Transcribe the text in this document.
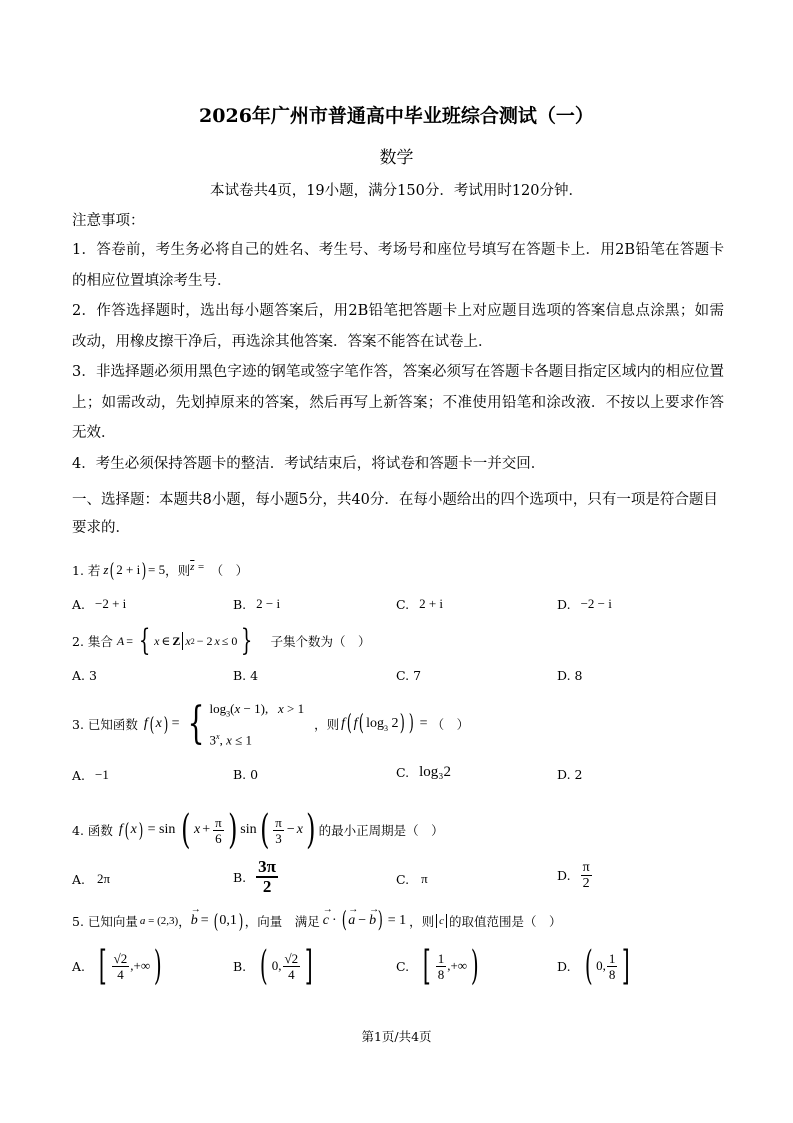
2026年广州市普通高中毕业班综合测试（一）
数学
本试卷共4页，19小题，满分150分．考试用时120分钟．
注意事项：
1．答卷前，考生务必将自己的姓名、考生号、考场号和座位号填写在答题卡上．用2B铅笔在答题卡的相应位置填涂考生号．
2．作答选择题时，选出每小题答案后，用2B铅笔把答题卡上对应题目选项的答案信息点涂黑；如需改动，用橡皮擦干净后，再选涂其他答案．答案不能答在试卷上．
3．非选择题必须用黑色字迹的钢笔或签字笔作答，答案必须写在答题卡各题目指定区域内的相应位置上；如需改动，先划掉原来的答案，然后再写上新答案；不准使用铅笔和涂改液．不按以上要求作答无效．
4．考生必须保持答题卡的整洁．考试结束后，将试卷和答题卡一并交回．
一、选择题：本题共8小题，每小题5分，共40分．在每小题给出的四个选项中，只有一项是符合题目要求的．
1. 若 z ( 2 + i ) = 5 ，则 $\overline{z}$ = （　）
A. −2 + i	B. 2 − i	C. 2 + i	D. −2 − i
2. 集合 A = { x ∈ Z x 2 − 2 x ≤ 0 } 子集个数为（　）
A. 3	B. 4	C. 7	D. 8
3. 已知函数 f ( x ) = { $\log_3(x - 1)$,   x > 1
3$^x$, x ≤ 1
，则 f ( f ( $\log_3 2$ ) ) = （　）
A. −1	B. 0	C. log₃2	D. 2
4. 函数 f ( x ) = sin ( $x + \frac{\pi}{6}$ ) sin ( $\frac{\pi}{3} - x$ ) 的最小正周期是（　）
A. 2π	B. $\frac{3\pi}{2}$	C. π	D. $\frac{\pi}{2}$
5. 已知向量 a = (2,3) ， b
→
= ( 0,1 ) ，向量　满足 c
→
· ( a
→
− b
→
) = 1 ，则 c 的取值范围是（　）
A. [ $\frac{√2}{4}$ ,+∞ )	B. ( 0, $\frac{√2}{4}$ ]	C. [ $\frac{1}{8}$ ,+∞ )	D. ( 0, $\frac{1}{8}$ ]
第1页/共4页
